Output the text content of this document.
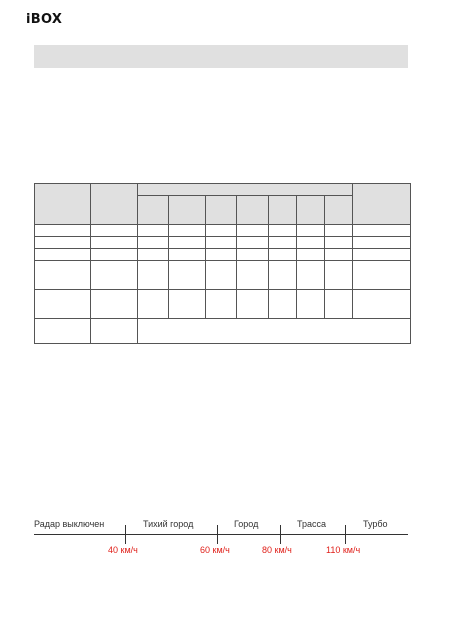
iBOX

Радар выключен	Тихий город	Город	Трасса	Турбо
40 км/ч	60 км/ч	80 км/ч	110 км/ч
